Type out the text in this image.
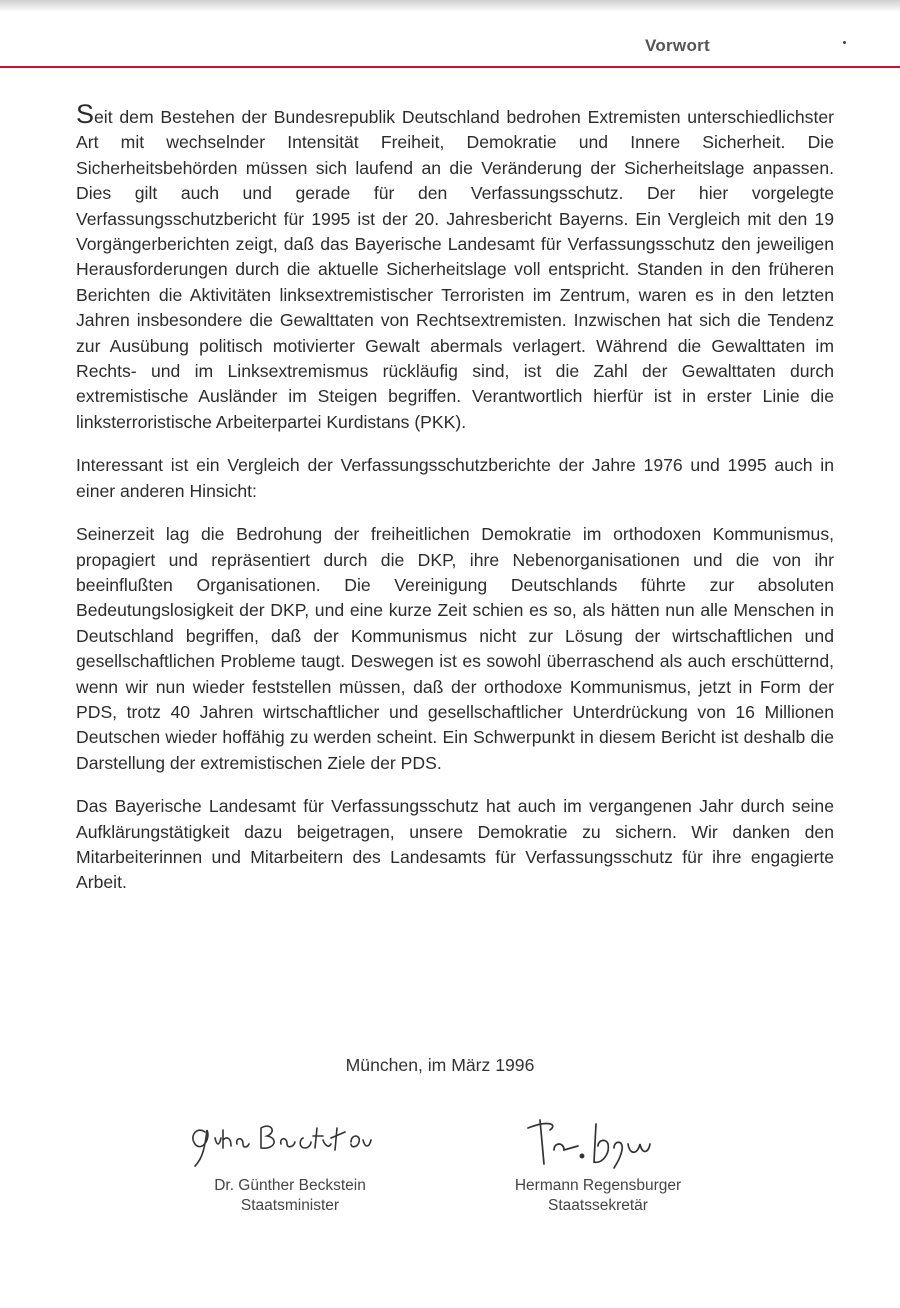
Vorwort

Seit dem Bestehen der Bundesrepublik Deutschland bedrohen Extremisten unterschiedlichster Art mit wechselnder Intensität Freiheit, Demokratie und Innere Sicherheit. Die Sicherheitsbehörden müssen sich laufend an die Veränderung der Sicherheitslage anpassen. Dies gilt auch und gerade für den Verfassungsschutz. Der hier vorgelegte Verfassungsschutzbericht für 1995 ist der 20. Jahresbericht Bayerns. Ein Vergleich mit den 19 Vorgängerberichten zeigt, daß das Bayerische Landesamt für Verfassungsschutz den jeweiligen Herausforderungen durch die aktuelle Sicherheitslage voll entspricht. Standen in den früheren Berichten die Aktivitäten linksextremistischer Terroristen im Zentrum, waren es in den letzten Jahren insbesondere die Gewalttaten von Rechtsextremisten. Inzwischen hat sich die Tendenz zur Ausübung politisch motivierter Gewalt abermals verlagert. Während die Gewalttaten im Rechts- und im Linksextremismus rückläufig sind, ist die Zahl der Gewalttaten durch extremistische Ausländer im Steigen begriffen. Verantwortlich hierfür ist in erster Linie die linksterroristische Arbeiterpartei Kurdistans (PKK).

Interessant ist ein Vergleich der Verfassungsschutzberichte der Jahre 1976 und 1995 auch in einer anderen Hinsicht:

Seinerzeit lag die Bedrohung der freiheitlichen Demokratie im orthodoxen Kommunismus, propagiert und repräsentiert durch die DKP, ihre Nebenorganisationen und die von ihr beeinflußten Organisationen. Die Vereinigung Deutschlands führte zur absoluten Bedeutungslosigkeit der DKP, und eine kurze Zeit schien es so, als hätten nun alle Menschen in Deutschland begriffen, daß der Kommunismus nicht zur Lösung der wirtschaftlichen und gesellschaftlichen Probleme taugt. Deswegen ist es sowohl überraschend als auch erschütternd, wenn wir nun wieder feststellen müssen, daß der orthodoxe Kommunismus, jetzt in Form der PDS, trotz 40 Jahren wirtschaftlicher und gesellschaftlicher Unterdrückung von 16 Millionen Deutschen wieder hoffähig zu werden scheint. Ein Schwerpunkt in diesem Bericht ist deshalb die Darstellung der extremistischen Ziele der PDS.

Das Bayerische Landesamt für Verfassungsschutz hat auch im vergangenen Jahr durch seine Aufklärungstätigkeit dazu beigetragen, unsere Demokratie zu sichern. Wir danken den Mitarbeiterinnen und Mitarbeitern des Landesamts für Verfassungsschutz für ihre engagierte Arbeit.

München, im März 1996
Dr. Günther Beckstein
Staatsminister
Hermann Regensburger
Staatssekretär
